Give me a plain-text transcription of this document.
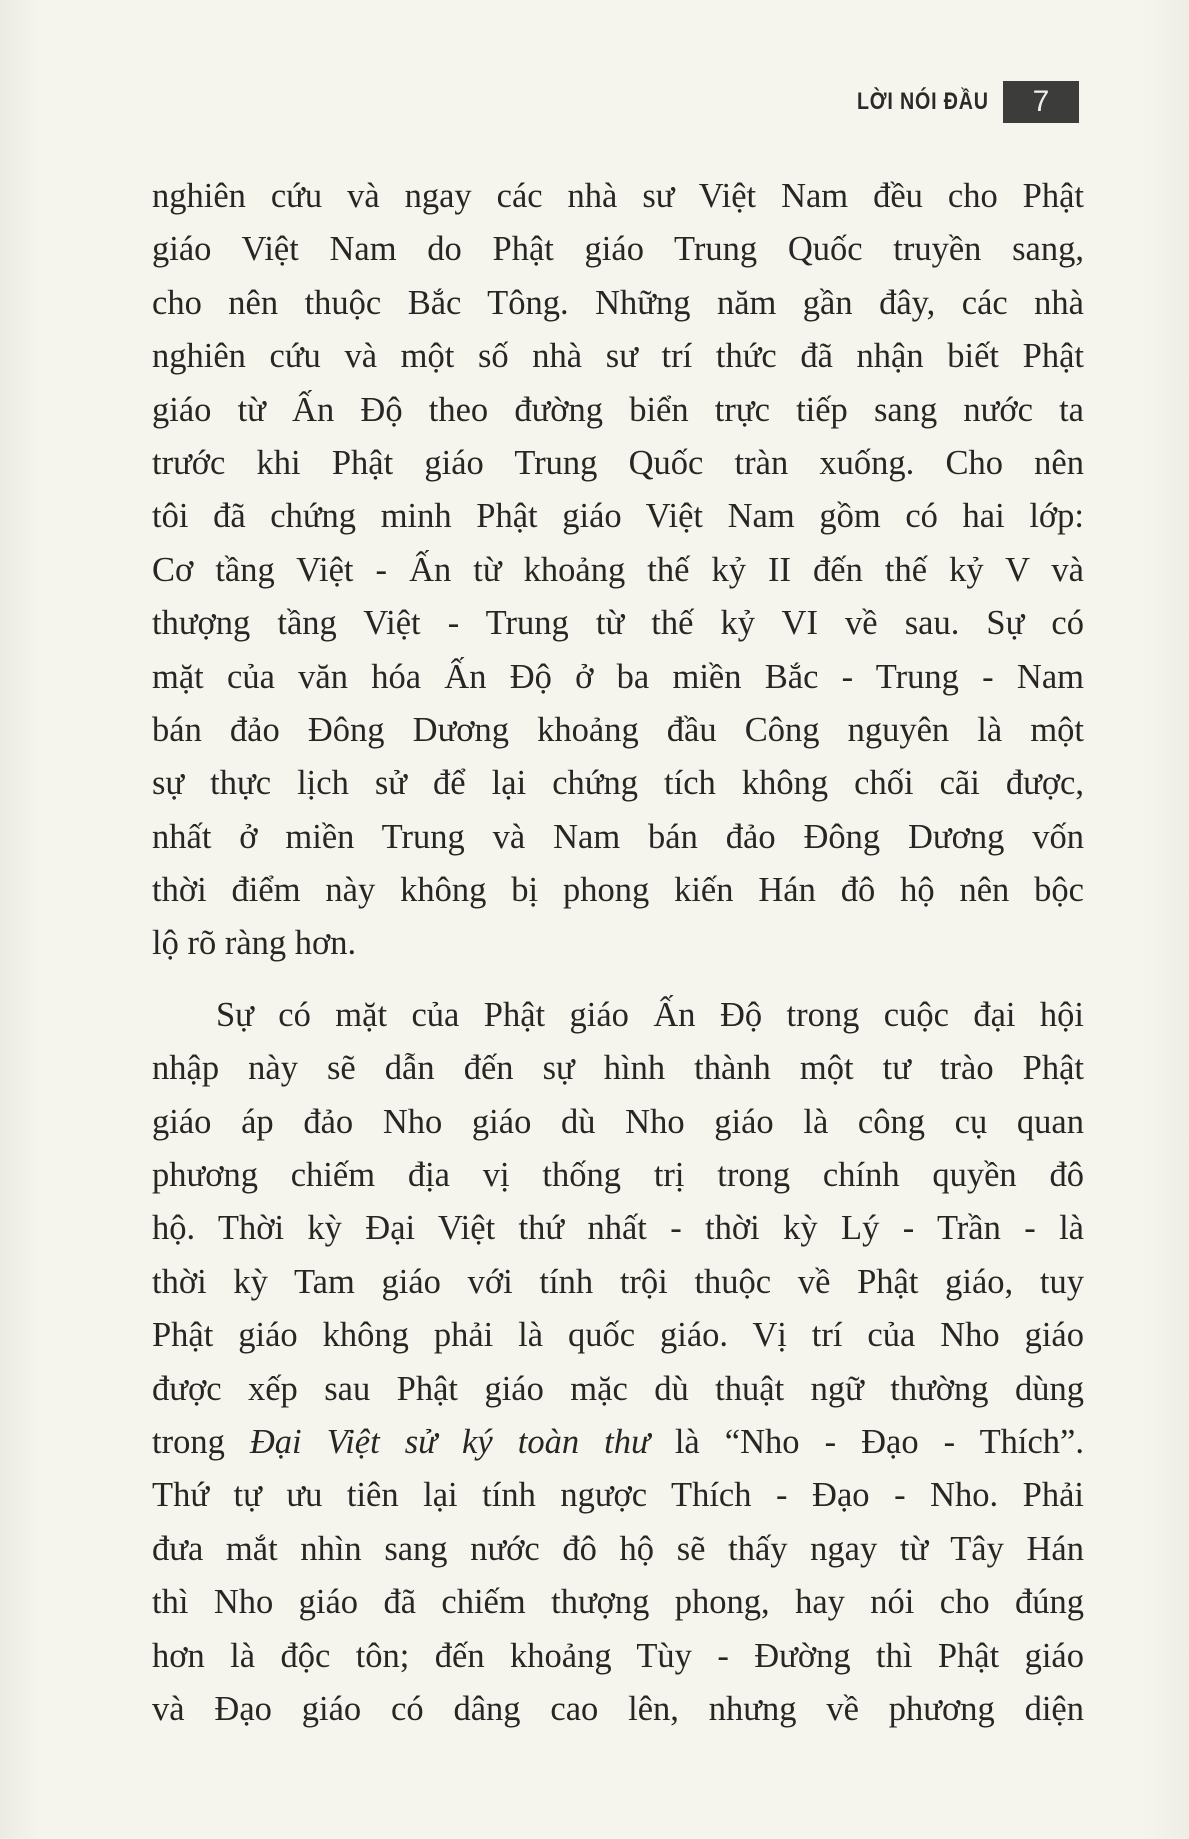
LỜI NÓI ĐẦU	7
nghiên cứu và ngay các nhà sư Việt Nam đều cho Phật
giáo Việt Nam do Phật giáo Trung Quốc truyền sang,
cho nên thuộc Bắc Tông. Những năm gần đây, các nhà
nghiên cứu và một số nhà sư trí thức đã nhận biết Phật
giáo từ Ấn Độ theo đường biển trực tiếp sang nước ta
trước khi Phật giáo Trung Quốc tràn xuống. Cho nên
tôi đã chứng minh Phật giáo Việt Nam gồm có hai lớp:
Cơ tầng Việt - Ấn từ khoảng thế kỷ II đến thế kỷ V và
thượng tầng Việt - Trung từ thế kỷ VI về sau. Sự có
mặt của văn hóa Ấn Độ ở ba miền Bắc - Trung - Nam
bán đảo Đông Dương khoảng đầu Công nguyên là một
sự thực lịch sử để lại chứng tích không chối cãi được,
nhất ở miền Trung và Nam bán đảo Đông Dương vốn
thời điểm này không bị phong kiến Hán đô hộ nên bộc
lộ rõ ràng hơn.
Sự có mặt của Phật giáo Ấn Độ trong cuộc đại hội
nhập này sẽ dẫn đến sự hình thành một tư trào Phật
giáo áp đảo Nho giáo dù Nho giáo là công cụ quan
phương chiếm địa vị thống trị trong chính quyền đô
hộ. Thời kỳ Đại Việt thứ nhất - thời kỳ Lý - Trần - là
thời kỳ Tam giáo với tính trội thuộc về Phật giáo, tuy
Phật giáo không phải là quốc giáo. Vị trí của Nho giáo
được xếp sau Phật giáo mặc dù thuật ngữ thường dùng
trong Đại Việt sử ký toàn thư là “Nho - Đạo - Thích”.
Thứ tự ưu tiên lại tính ngược Thích - Đạo - Nho. Phải
đưa mắt nhìn sang nước đô hộ sẽ thấy ngay từ Tây Hán
thì Nho giáo đã chiếm thượng phong, hay nói cho đúng
hơn là độc tôn; đến khoảng Tùy - Đường thì Phật giáo
và Đạo giáo có dâng cao lên, nhưng về phương diện
